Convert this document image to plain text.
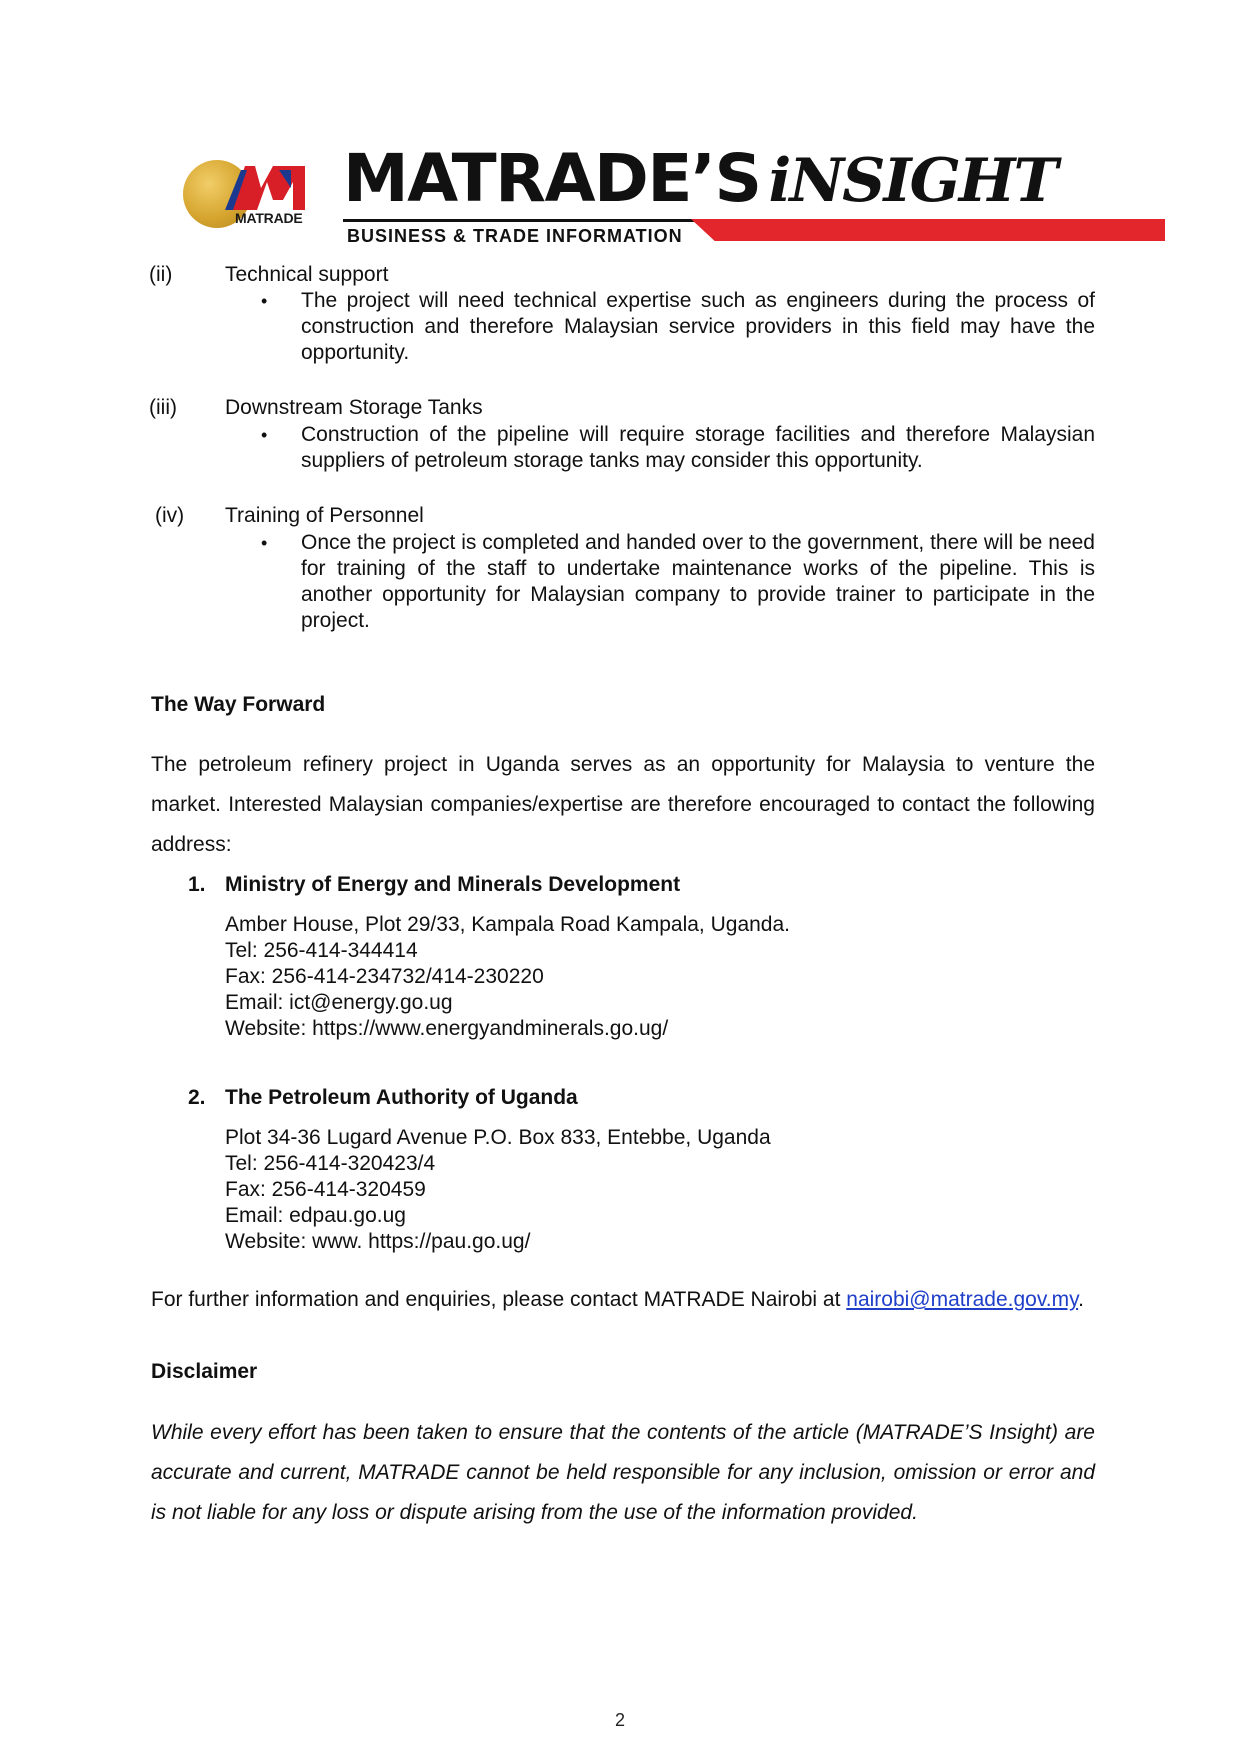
MATRADE
MATRADE’S iNSIGHT
BUSINESS & TRADE INFORMATION
(ii)	Technical support
• The project will need technical expertise such as engineers during the process of construction and therefore Malaysian service providers in this field may have the opportunity.
(iii) Downstream Storage Tanks
• Construction of the pipeline will require storage facilities and therefore Malaysian suppliers of petroleum storage tanks may consider this opportunity.
(iv) Training of Personnel
• Once the project is completed and handed over to the government, there will be need for training of the staff to undertake maintenance works of the pipeline. This is another opportunity for Malaysian company to provide trainer to participate in the project.
The Way Forward
The petroleum refinery project in Uganda serves as an opportunity for Malaysia to venture the market. Interested Malaysian companies/expertise are therefore encouraged to contact the following address:
1. Ministry of Energy and Minerals Development
Amber House, Plot 29/33, Kampala Road Kampala, Uganda.
Tel: 256-414-344414
Fax: 256-414-234732/414-230220
Email: ict@energy.go.ug
Website: https://www.energyandminerals.go.ug/
2. The Petroleum Authority of Uganda
Plot 34-36 Lugard Avenue P.O. Box 833, Entebbe, Uganda
Tel: 256-414-320423/4
Fax: 256-414-320459
Email: edpau.go.ug
Website: www. https://pau.go.ug/
For further information and enquiries, please contact MATRADE Nairobi at nairobi@matrade.gov.my.
Disclaimer
While every effort has been taken to ensure that the contents of the article (MATRADE’S Insight) are accurate and current, MATRADE cannot be held responsible for any inclusion, omission or error and is not liable for any loss or dispute arising from the use of the information provided.
2
